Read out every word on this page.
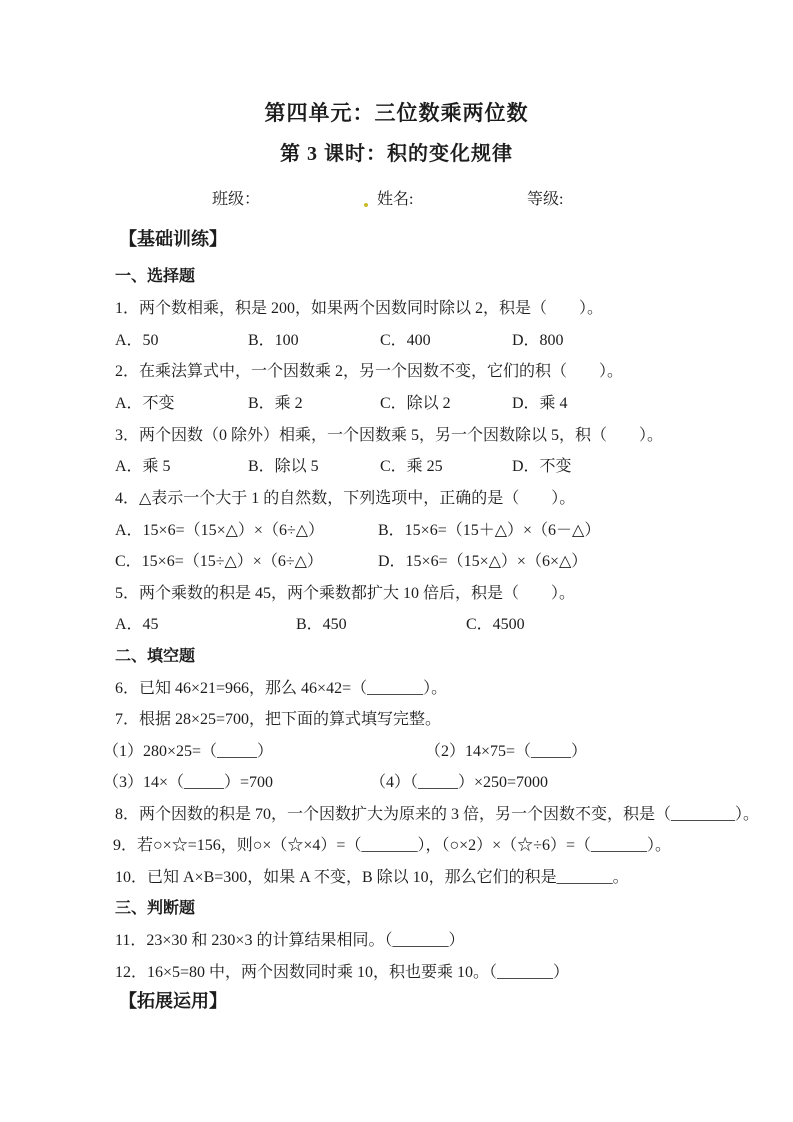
第四单元：三位数乘两位数
第 3 课时：积的变化规律
班级：	姓名:	等级:
【基础训练】
一、选择题
1．两个数相乘，积是 200，如果两个因数同时除以 2，积是（　　）。
A．50	B．100	C．400	D．800
2．在乘法算式中，一个因数乘 2，另一个因数不变，它们的积（　　）。
A．不变	B．乘 2	C．除以 2	D．乘 4
3．两个因数（0 除外）相乘，一个因数乘 5，另一个因数除以 5，积（　　）。
A．乘 5	B．除以 5	C．乘 25	D．不变
4．△表示一个大于 1 的自然数，下列选项中，正确的是（　　）。
A．15×6=（15×△）×（6÷△）	B．15×6=（15＋△）×（6－△）
C．15×6=（15÷△）×（6÷△）	D．15×6=（15×△）×（6×△）
5．两个乘数的积是 45，两个乘数都扩大 10 倍后，积是（　　）。
A．45	B．450	C．4500
二、填空题
6．已知 46×21=966，那么 46×42=（_______）。
7．根据 28×25=700，把下面的算式填写完整。
（1）280×25=（_____）	（2）14×75=（_____）
（3）14×（_____）=700	（4）（_____）×250=7000
8．两个因数的积是 70，一个因数扩大为原来的 3 倍，另一个因数不变，积是（________）。
9．若○×☆=156，则○×（☆×4）=（_______），（○×2）×（☆÷6）=（_______）。
10．已知 A×B=300，如果 A 不变，B 除以 10，那么它们的积是_______。
三、判断题
11．23×30 和 230×3 的计算结果相同。（_______）
12．16×5=80 中，两个因数同时乘 10，积也要乘 10。（_______）
【拓展运用】
